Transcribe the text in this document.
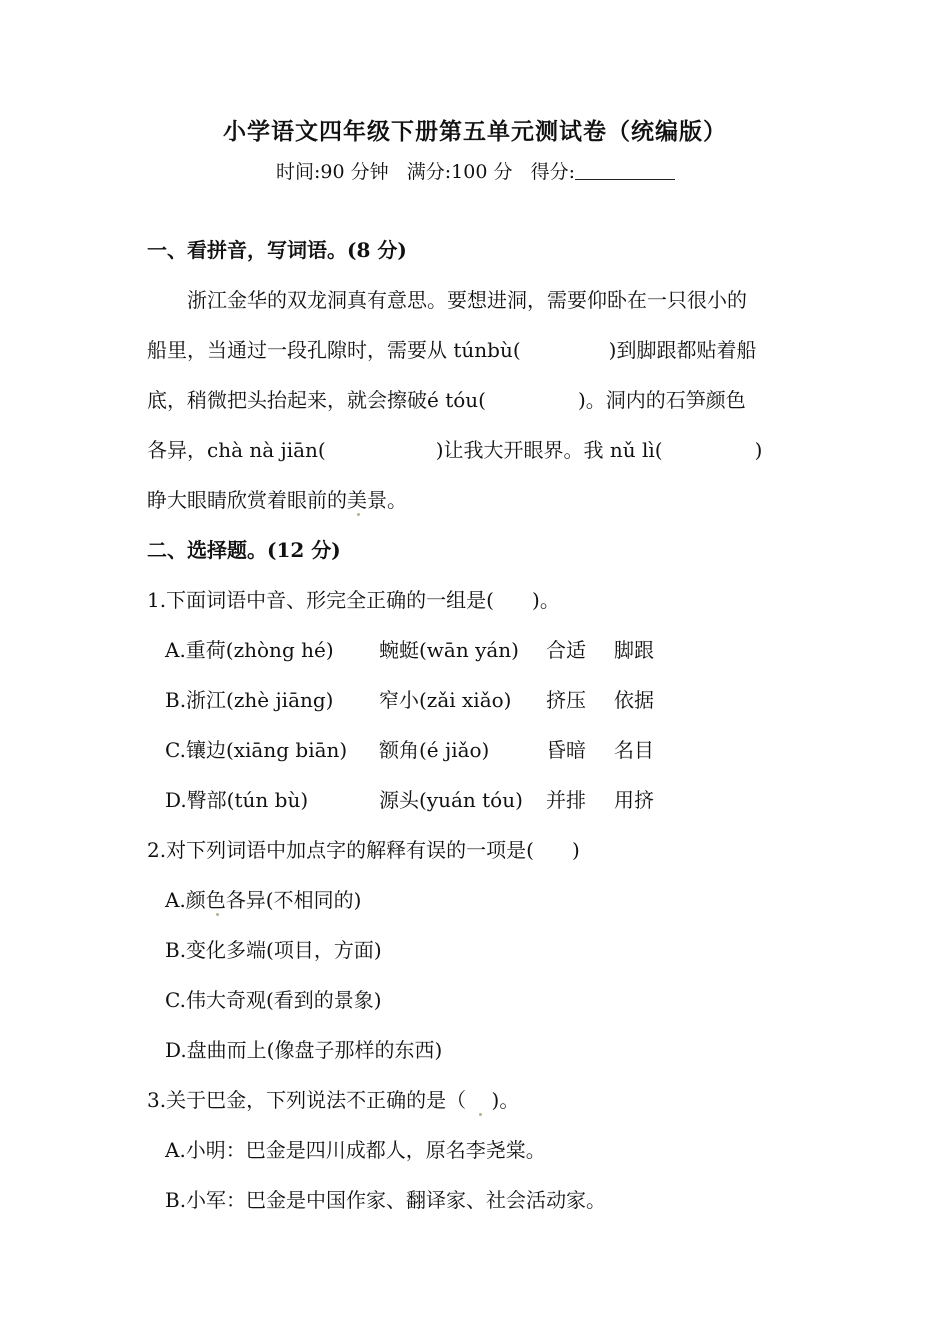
小学语文四年级下册第五单元测试卷（统编版）
时间:90 分钟 满分:100 分 得分:
一、看拼音，写词语。(8 分)
浙江金华的双龙洞真有意思。要想进洞，需要仰卧在一只很小的
船里，当通过一段孔隙时，需要从 túnbù(	)到脚跟都贴着船
底，稍微把头抬起来，就会擦破é tóu(	)。洞内的石笋颜色
各异，chà nà jiān(	)让我大开眼界。我 nǔ lì(	)
睁大眼睛欣赏着眼前的美景。
二、选择题。(12 分)
1.下面词语中音、形完全正确的一组是(      )。
A.重荷(zhòng hé) 蜿蜓(wān yán) 合适 脚跟
B.浙江(zhè jiāng) 窄小(zǎi xiǎo) 挤压 依据
C.镶边(xiāng biān) 额角(é jiǎo)	昏暗 名目
D.臀部(tún bù)	源头(yuán tóu) 并排 用挤
2.对下列词语中加点字的解释有误的一项是(      )
A.颜色各异(不相同的)
B.变化多端(项目，方面)
C.伟大奇观(看到的景象)
D.盘曲而上(像盘子那样的东西)
3.关于巴金，下列说法不正确的是（ )。
A.小明：巴金是四川成都人，原名李尧棠。
B.小军：巴金是中国作家、翻译家、社会活动家。
